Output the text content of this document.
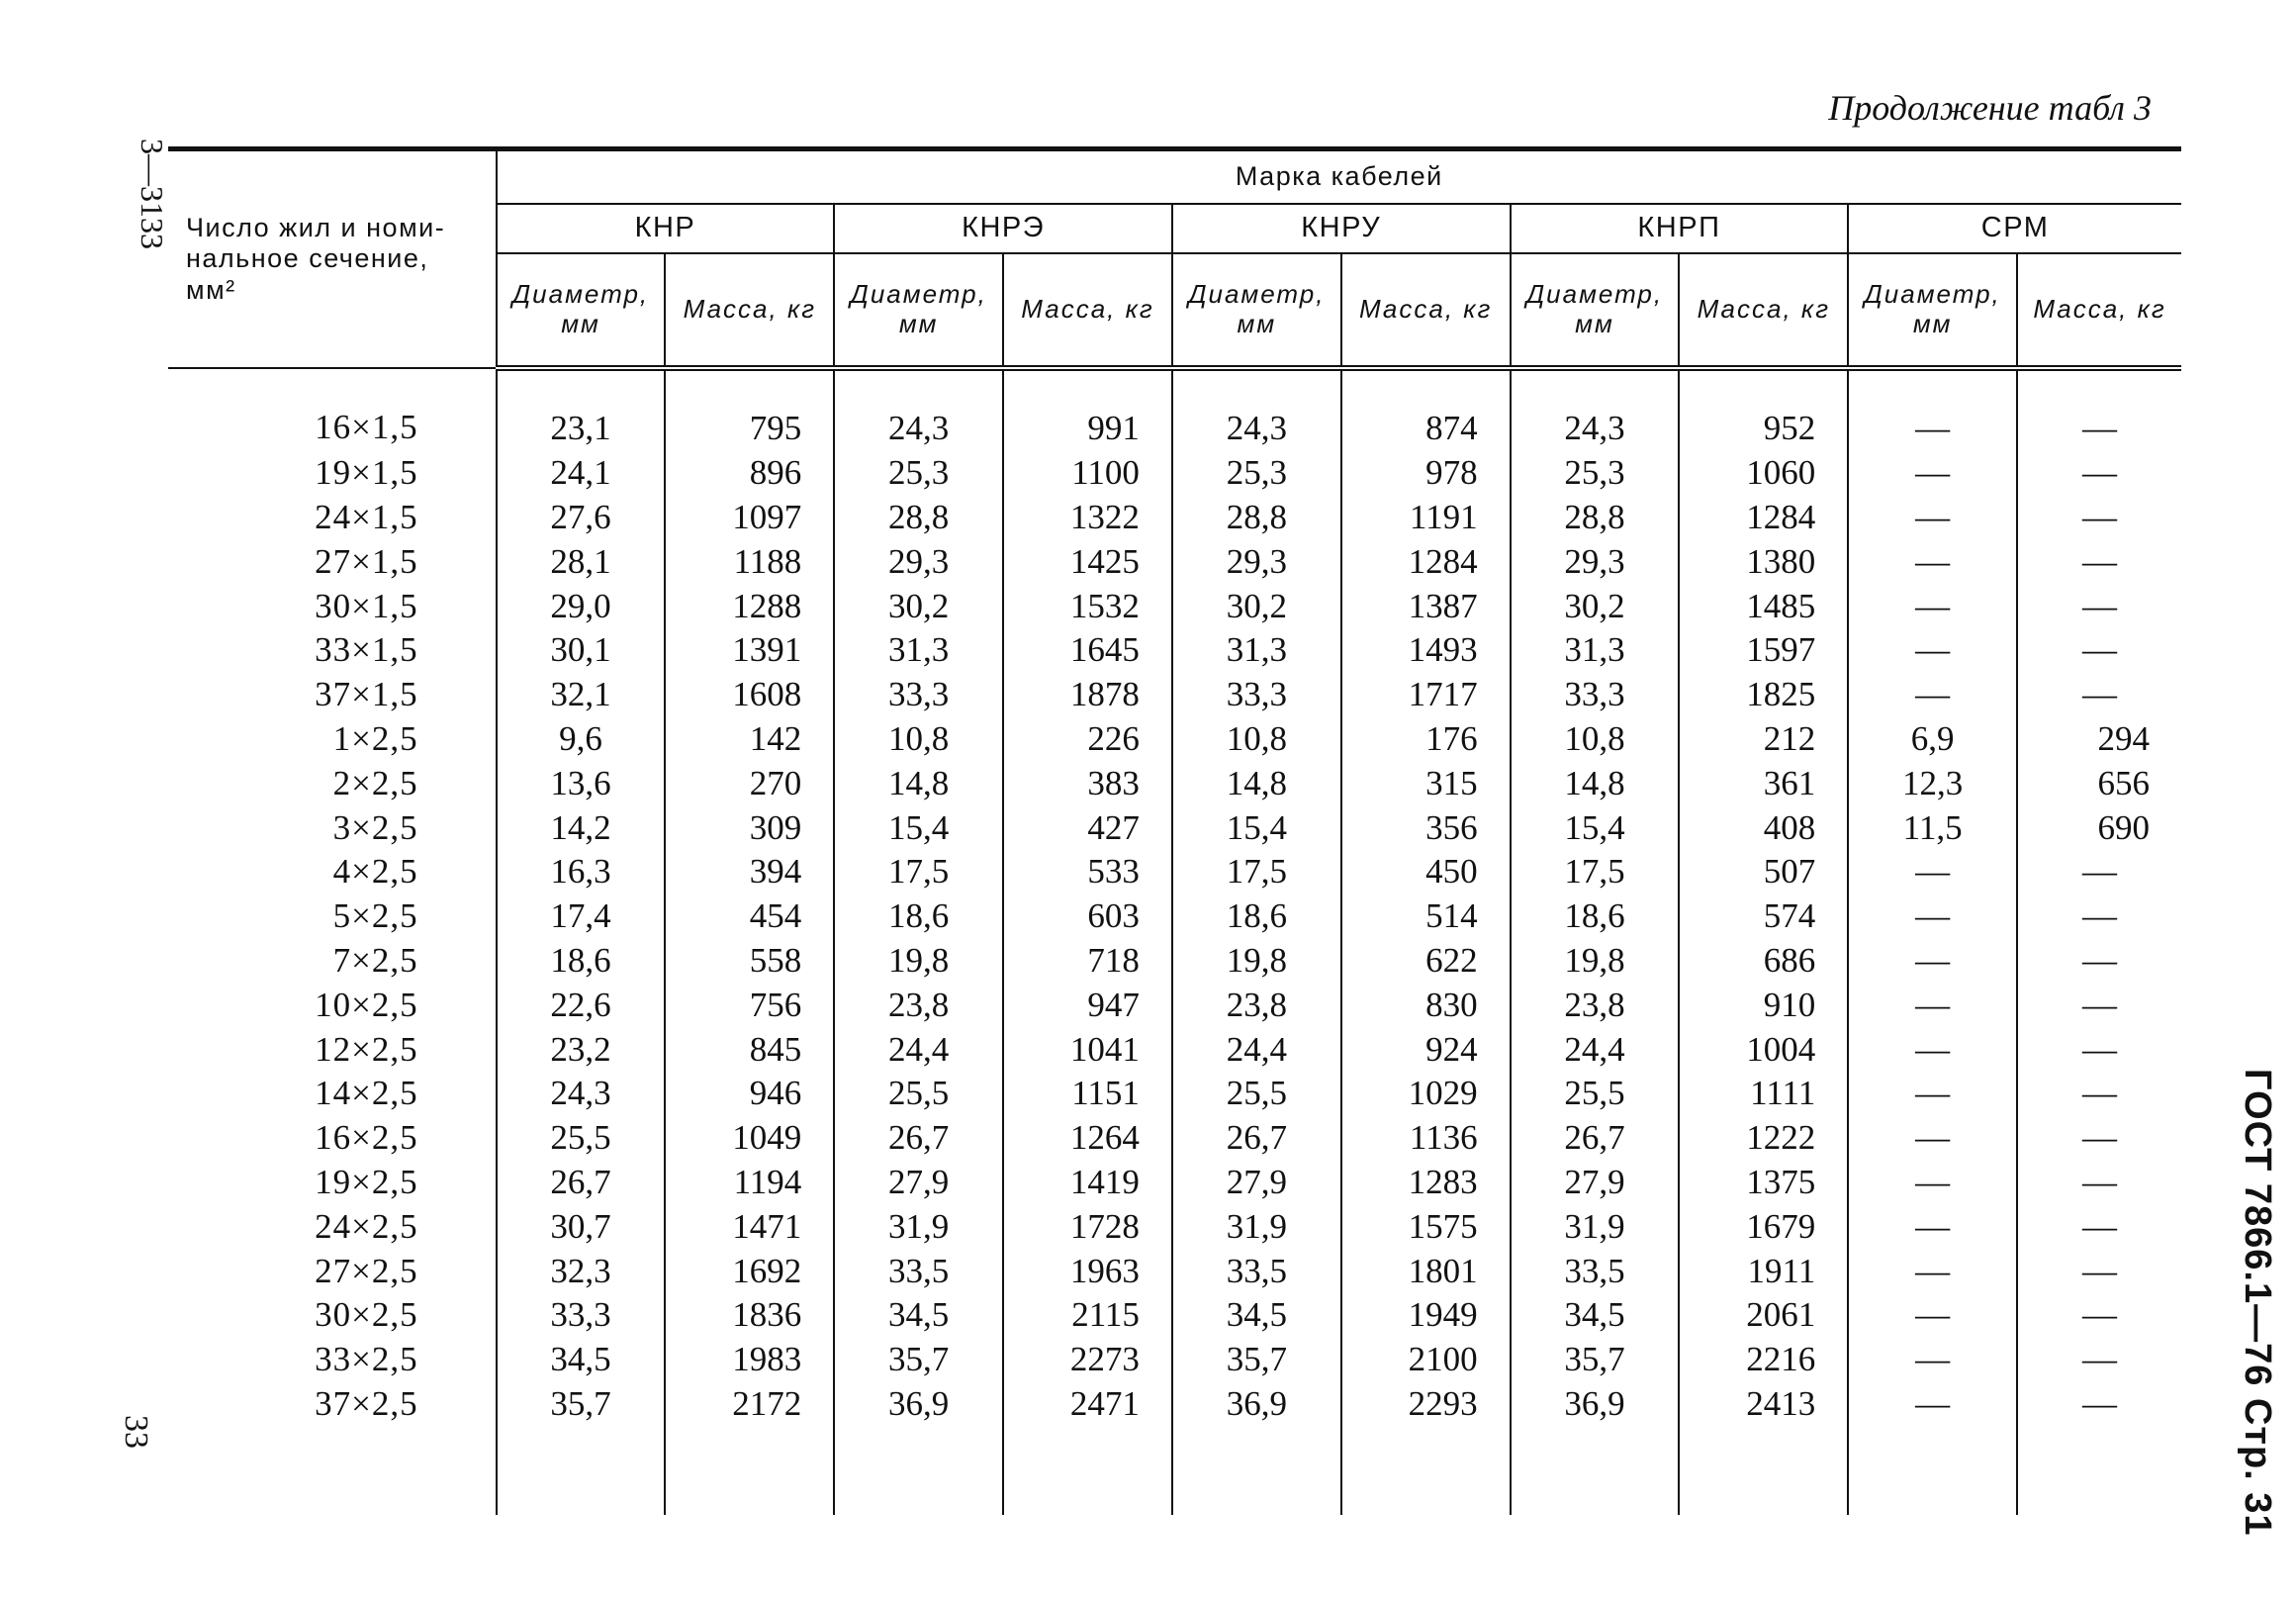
Продолжение табл 3
3—3133
33	ГОСТ 7866.1—76 Стр. 31
Число жил и номи-нальное сечение, мм²	Марка кабелей									
	КНР		КНРЭ		КНРУ		КНРП		СРМ	
	Диаметр, мм	Масса, кг	Диаметр, мм	Масса, кг	Диаметр, мм	Масса, кг	Диаметр, мм	Масса, кг	Диаметр, мм	Масса, кг
16×1,5	23,1	795	24,3	991	24,3	874	24,3	952	—	—
19×1,5	24,1	896	25,3	1100	25,3	978	25,3	1060	—	—
24×1,5	27,6	1097	28,8	1322	28,8	1191	28,8	1284	—	—
27×1,5	28,1	1188	29,3	1425	29,3	1284	29,3	1380	—	—
30×1,5	29,0	1288	30,2	1532	30,2	1387	30,2	1485	—	—
33×1,5	30,1	1391	31,3	1645	31,3	1493	31,3	1597	—	—
37×1,5	32,1	1608	33,3	1878	33,3	1717	33,3	1825	—	—
1×2,5	9,6	142	10,8	226	10,8	176	10,8	212	6,9	294
2×2,5	13,6	270	14,8	383	14,8	315	14,8	361	12,3	656
3×2,5	14,2	309	15,4	427	15,4	356	15,4	408	11,5	690
4×2,5	16,3	394	17,5	533	17,5	450	17,5	507	—	—
5×2,5	17,4	454	18,6	603	18,6	514	18,6	574	—	—
7×2,5	18,6	558	19,8	718	19,8	622	19,8	686	—	—
10×2,5	22,6	756	23,8	947	23,8	830	23,8	910	—	—
12×2,5	23,2	845	24,4	1041	24,4	924	24,4	1004	—	—
14×2,5	24,3	946	25,5	1151	25,5	1029	25,5	1111	—	—
16×2,5	25,5	1049	26,7	1264	26,7	1136	26,7	1222	—	—
19×2,5	26,7	1194	27,9	1419	27,9	1283	27,9	1375	—	—
24×2,5	30,7	1471	31,9	1728	31,9	1575	31,9	1679	—	—
27×2,5	32,3	1692	33,5	1963	33,5	1801	33,5	1911	—	—
30×2,5	33,3	1836	34,5	2115	34,5	1949	34,5	2061	—	—
33×2,5	34,5	1983	35,7	2273	35,7	2100	35,7	2216	—	—
37×2,5	35,7	2172	36,9	2471	36,9	2293	36,9	2413	—	—
